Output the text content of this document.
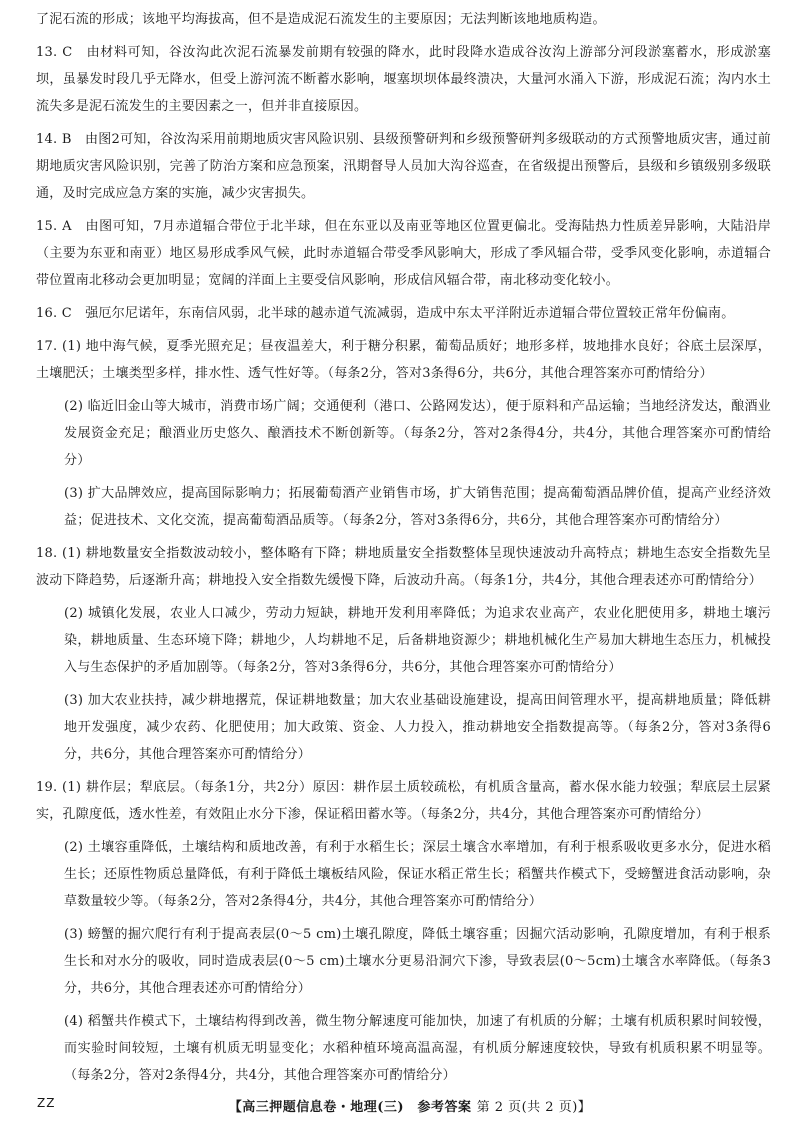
了泥石流的形成；该地平均海拔高，但不是造成泥石流发生的主要原因；无法判断该地地质构造。

13. C　由材料可知，谷汝沟此次泥石流暴发前期有较强的降水，此时段降水造成谷汝沟上游部分河段淤塞蓄水，形成淤塞坝，虽暴发时段几乎无降水，但受上游河流不断蓄水影响，堰塞坝坝体最终溃决，大量河水涌入下游，形成泥石流；沟内水土流失多是泥石流发生的主要因素之一，但并非直接原因。

14. B　由图2可知，谷汝沟采用前期地质灾害风险识别、县级预警研判和乡级预警研判多级联动的方式预警地质灾害，通过前期地质灾害风险识别，完善了防治方案和应急预案，汛期督导人员加大沟谷巡查，在省级提出预警后，县级和乡镇级别多级联通，及时完成应急方案的实施，减少灾害损失。

15. A　由图可知，7月赤道辐合带位于北半球，但在东亚以及南亚等地区位置更偏北。受海陆热力性质差异影响，大陆沿岸（主要为东亚和南亚）地区易形成季风气候，此时赤道辐合带受季风影响大，形成了季风辐合带，受季风变化影响，赤道辐合带位置南北移动会更加明显；宽阔的洋面上主要受信风影响，形成信风辐合带，南北移动变化较小。

16. C　强厄尔尼诺年，东南信风弱，北半球的越赤道气流减弱，造成中东太平洋附近赤道辐合带位置较正常年份偏南。

17. (1) 地中海气候，夏季光照充足；昼夜温差大，利于糖分积累，葡萄品质好；地形多样，坡地排水良好；谷底土层深厚，土壤肥沃；土壤类型多样，排水性、透气性好等。（每条2分，答对3条得6分，共6分，其他合理答案亦可酌情给分）

(2) 临近旧金山等大城市，消费市场广阔；交通便利（港口、公路网发达），便于原料和产品运输；当地经济发达，酿酒业发展资金充足；酿酒业历史悠久、酿酒技术不断创新等。（每条2分，答对2条得4分，共4分，其他合理答案亦可酌情给分）

(3) 扩大品牌效应，提高国际影响力；拓展葡萄酒产业销售市场，扩大销售范围；提高葡萄酒品牌价值，提高产业经济效益；促进技术、文化交流，提高葡萄酒品质等。（每条2分，答对3条得6分，共6分，其他合理答案亦可酌情给分）

18. (1) 耕地数量安全指数波动较小，整体略有下降；耕地质量安全指数整体呈现快速波动升高特点；耕地生态安全指数先呈波动下降趋势，后逐渐升高；耕地投入安全指数先缓慢下降，后波动升高。（每条1分，共4分，其他合理表述亦可酌情给分）

(2) 城镇化发展，农业人口减少，劳动力短缺，耕地开发利用率降低；为追求农业高产，农业化肥使用多，耕地土壤污染，耕地质量、生态环境下降；耕地少，人均耕地不足，后备耕地资源少；耕地机械化生产易加大耕地生态压力，机械投入与生态保护的矛盾加剧等。（每条2分，答对3条得6分，共6分，其他合理答案亦可酌情给分）

(3) 加大农业扶持，减少耕地撂荒，保证耕地数量；加大农业基础设施建设，提高田间管理水平，提高耕地质量；降低耕地开发强度，减少农药、化肥使用；加大政策、资金、人力投入，推动耕地安全指数提高等。（每条2分，答对3条得6分，共6分，其他合理答案亦可酌情给分）

19. (1) 耕作层；犁底层。（每条1分，共2分）原因：耕作层土质较疏松，有机质含量高，蓄水保水能力较强；犁底层土层紧实，孔隙度低，透水性差，有效阻止水分下渗，保证稻田蓄水等。（每条2分，共4分，其他合理答案亦可酌情给分）

(2) 土壤容重降低，土壤结构和质地改善，有利于水稻生长；深层土壤含水率增加，有利于根系吸收更多水分，促进水稻生长；还原性物质总量降低，有利于降低土壤板结风险，保证水稻正常生长；稻蟹共作模式下，受螃蟹进食活动影响，杂草数量较少等。（每条2分，答对2条得4分，共4分，其他合理答案亦可酌情给分）

(3) 螃蟹的掘穴爬行有利于提高表层(0～5 cm)土壤孔隙度，降低土壤容重；因掘穴活动影响，孔隙度增加，有利于根系生长和对水分的吸收，同时造成表层(0～5 cm)土壤水分更易沿洞穴下渗，导致表层(0～5cm)土壤含水率降低。（每条3分，共6分，其他合理表述亦可酌情给分）

(4) 稻蟹共作模式下，土壤结构得到改善，微生物分解速度可能加快，加速了有机质的分解；土壤有机质积累时间较慢，而实验时间较短，土壤有机质无明显变化；水稻种植环境高温高湿，有机质分解速度较快，导致有机质积累不明显等。（每条2分，答对2条得4分，共4分，其他合理答案亦可酌情给分）

ZZ	【高三押题信息卷・地理(三)　参考答案 第 2 页(共 2 页)】
